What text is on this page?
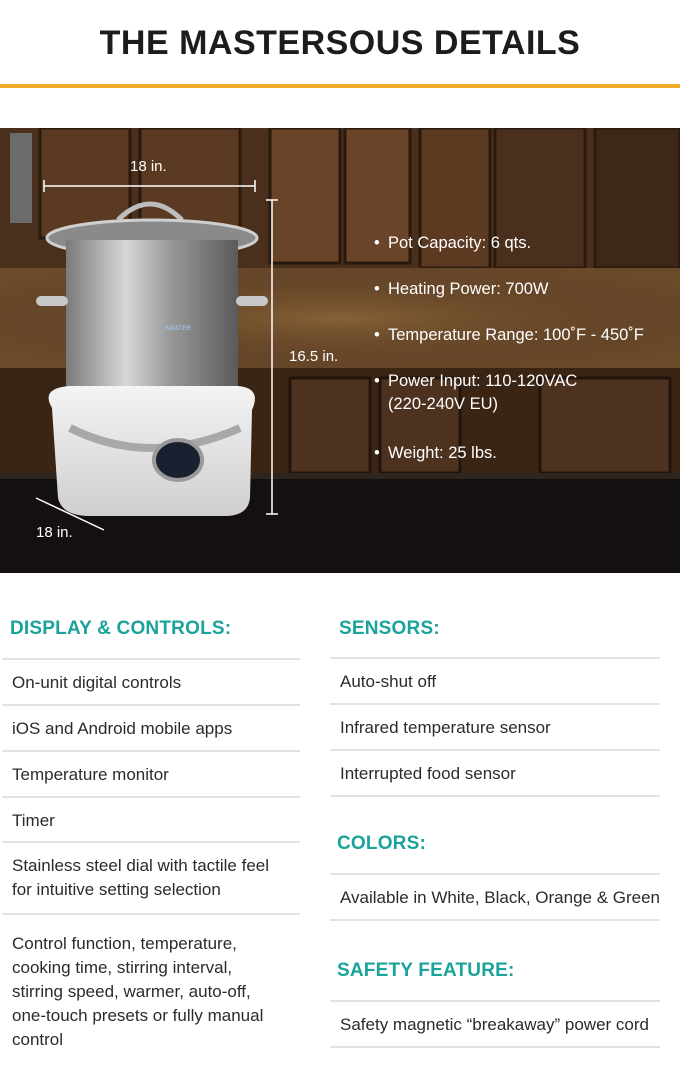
THE MASTERSOUS DETAILS
18 in.
16.5 in.
18 in.
MASTER
• Pot Capacity: 6 qts.
• Heating Power: 700W
• Temperature Range: 100˚F - 450˚F
• Power Input: 110-120VAC
(220-240V EU)
• Weight: 25 lbs.
DISPLAY & CONTROLS:
On-unit digital controls
iOS and Android mobile apps
Temperature monitor
Timer
Stainless steel dial with tactile feel for intuitive setting selection
Control function, temperature, cooking time, stirring interval, stirring speed, warmer, auto-off, one-touch presets or fully manual control
SENSORS:
Auto-shut off
Infrared temperature sensor
Interrupted food sensor
COLORS:
Available in White, Black, Orange & Green
SAFETY FEATURE:
Safety magnetic “breakaway” power cord
